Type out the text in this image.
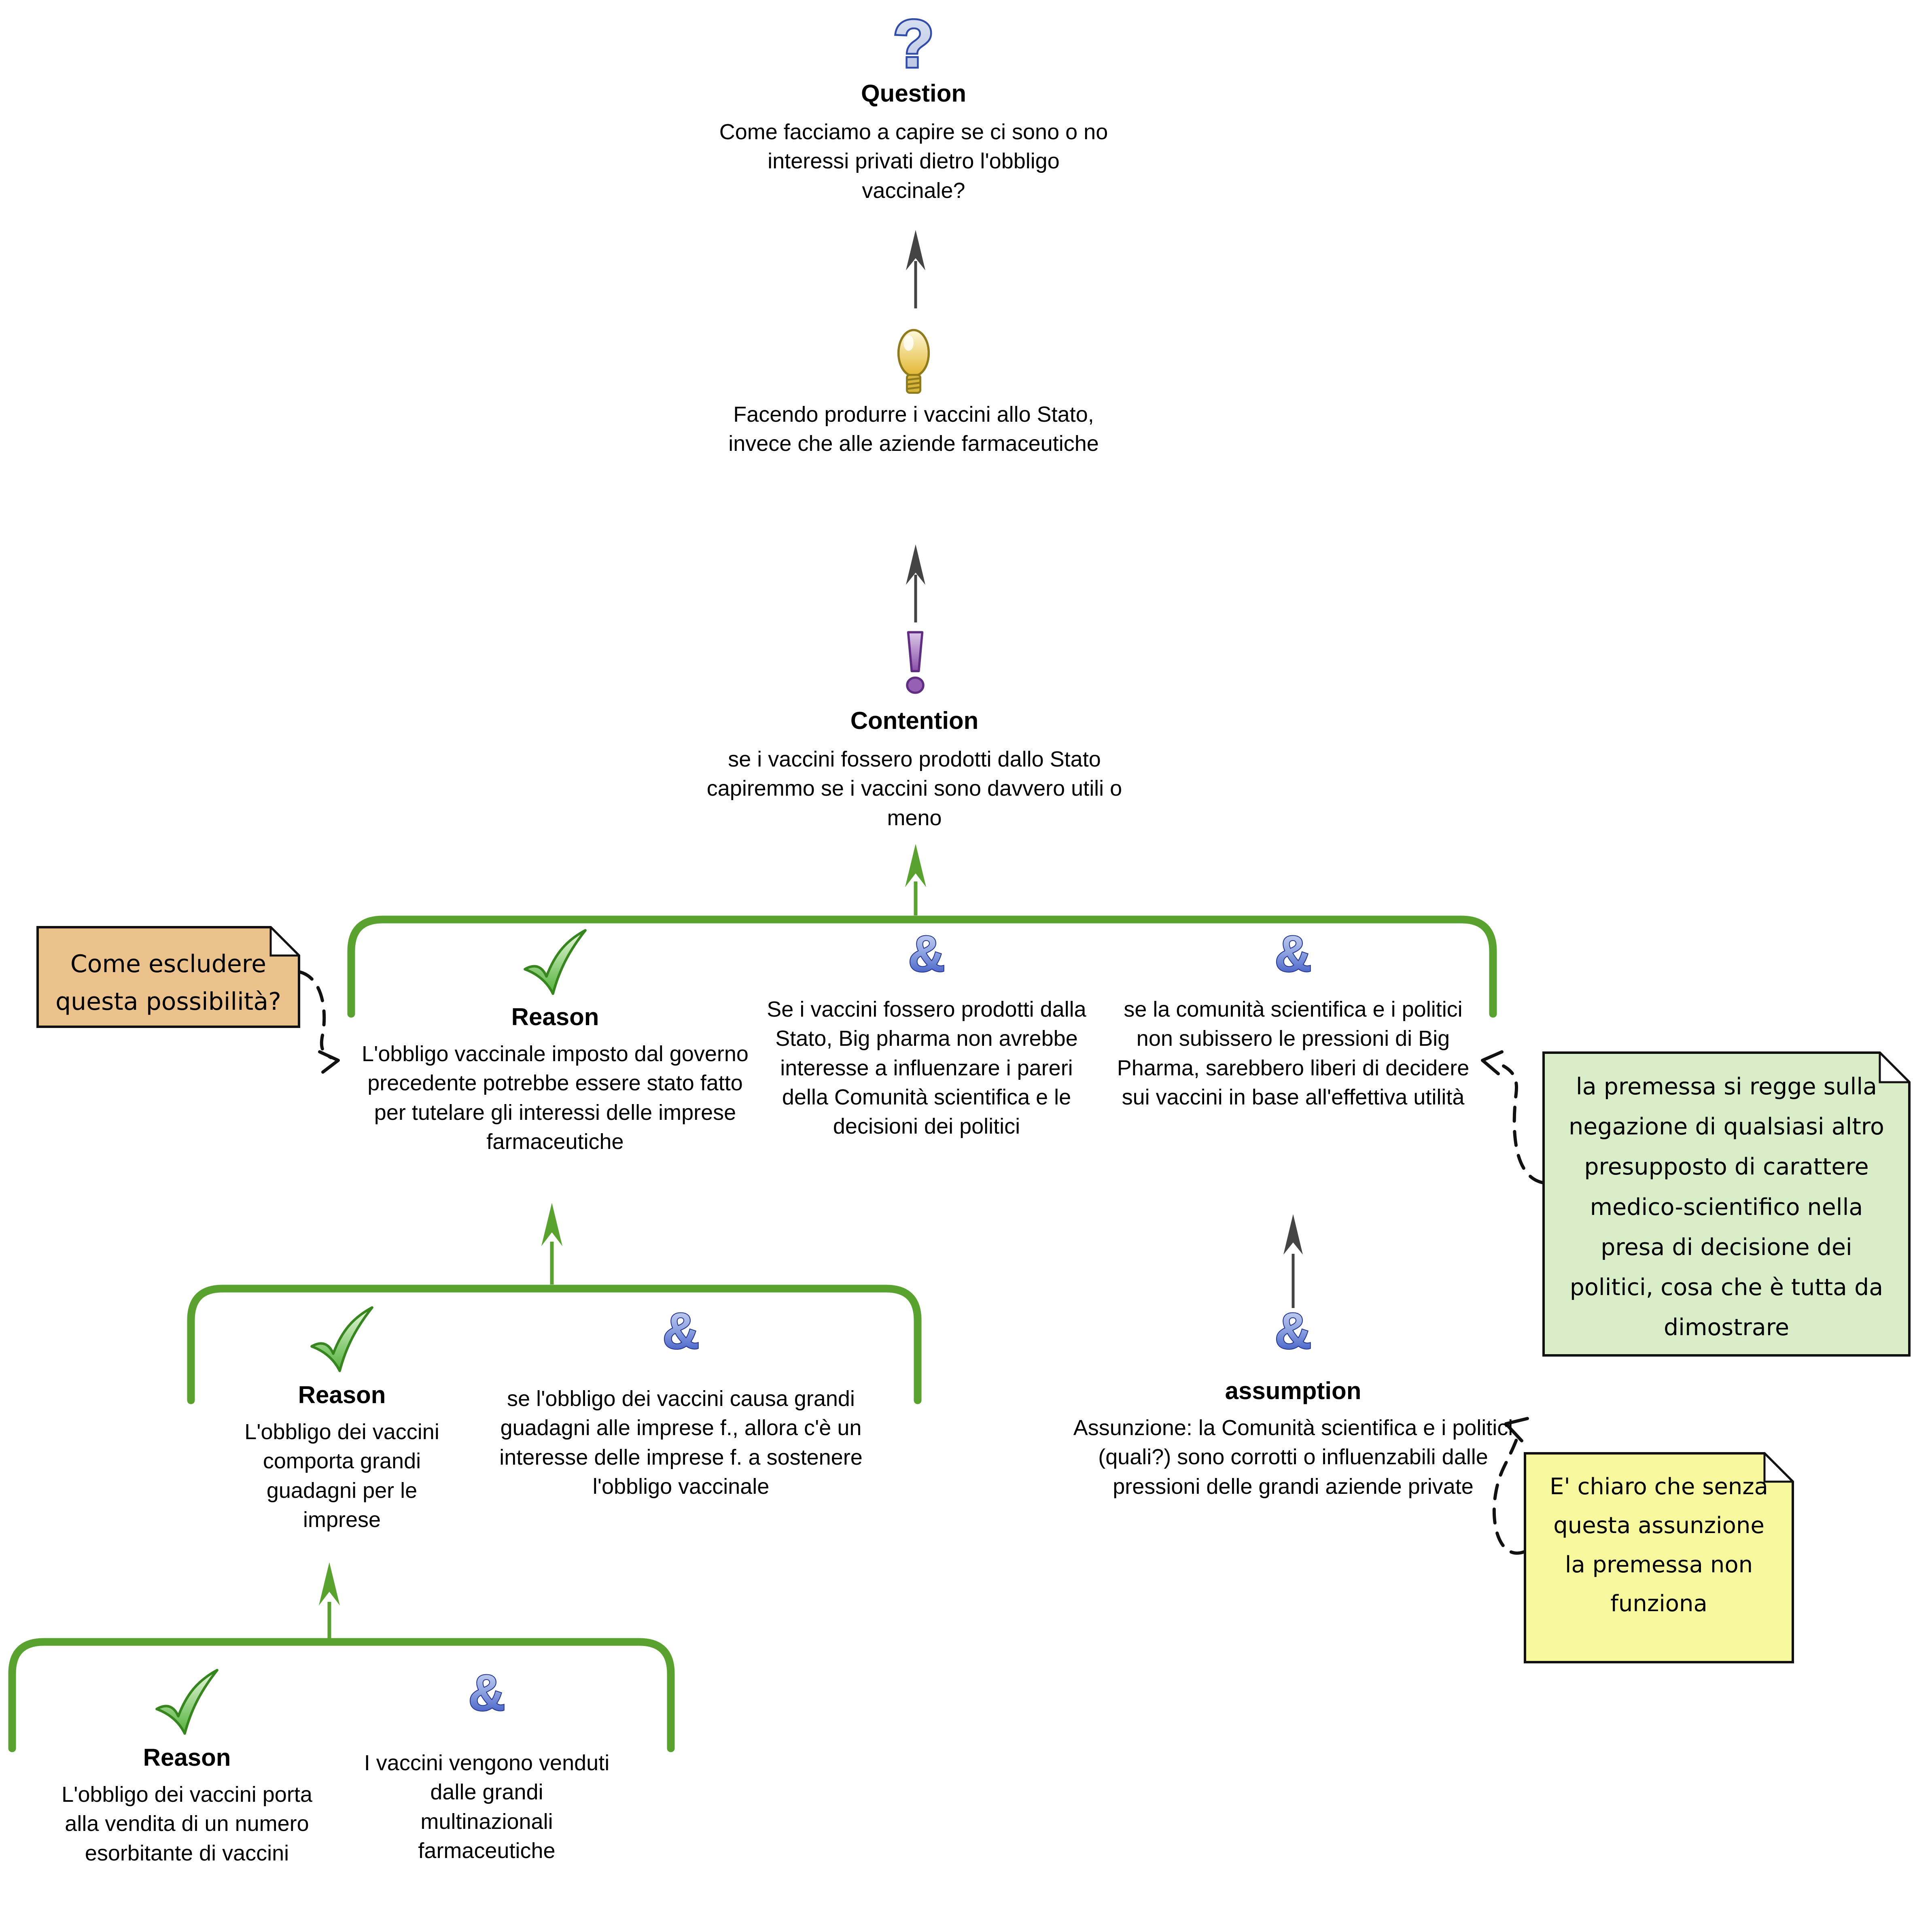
Question
Come facciamo a capire se ci sono o no interessi privati dietro l'obbligo vaccinale?
Facendo produrre i vaccini allo Stato, invece che alle aziende farmaceutiche
Contention
se i vaccini fossero prodotti dallo Stato capiremmo se i vaccini sono davvero utili o meno
Reason
L'obbligo vaccinale imposto dal governo precedente potrebbe essere stato fatto per tutelare gli interessi delle imprese farmaceutiche
Se i vaccini fossero prodotti dalla Stato, Big pharma non avrebbe interesse a influenzare i pareri della Comunità scientifica e le decisioni dei politici
se la comunità scientifica e i politici non subissero le pressioni di Big Pharma, sarebbero liberi di decidere sui vaccini in base all'effettiva utilità
Reason
L'obbligo dei vaccini comporta grandi guadagni per le imprese
se l'obbligo dei vaccini causa grandi guadagni alle imprese f., allora c'è un interesse delle imprese f. a sostenere l'obbligo vaccinale
assumption
Assunzione: la Comunità scientifica e i politici (quali?) sono corrotti o influenzabili dalle pressioni delle grandi aziende private
Reason
L'obbligo dei vaccini porta alla vendita di un numero esorbitante di vaccini
I vaccini vengono venduti dalle grandi multinazionali farmaceutiche
Come escludere questa possibilità?
la premessa si regge sulla negazione di qualsiasi altro presupposto di carattere medico-scientifico nella presa di decisione dei politici, cosa che è tutta da dimostrare
E' chiaro che senza questa assunzione la premessa non funziona
